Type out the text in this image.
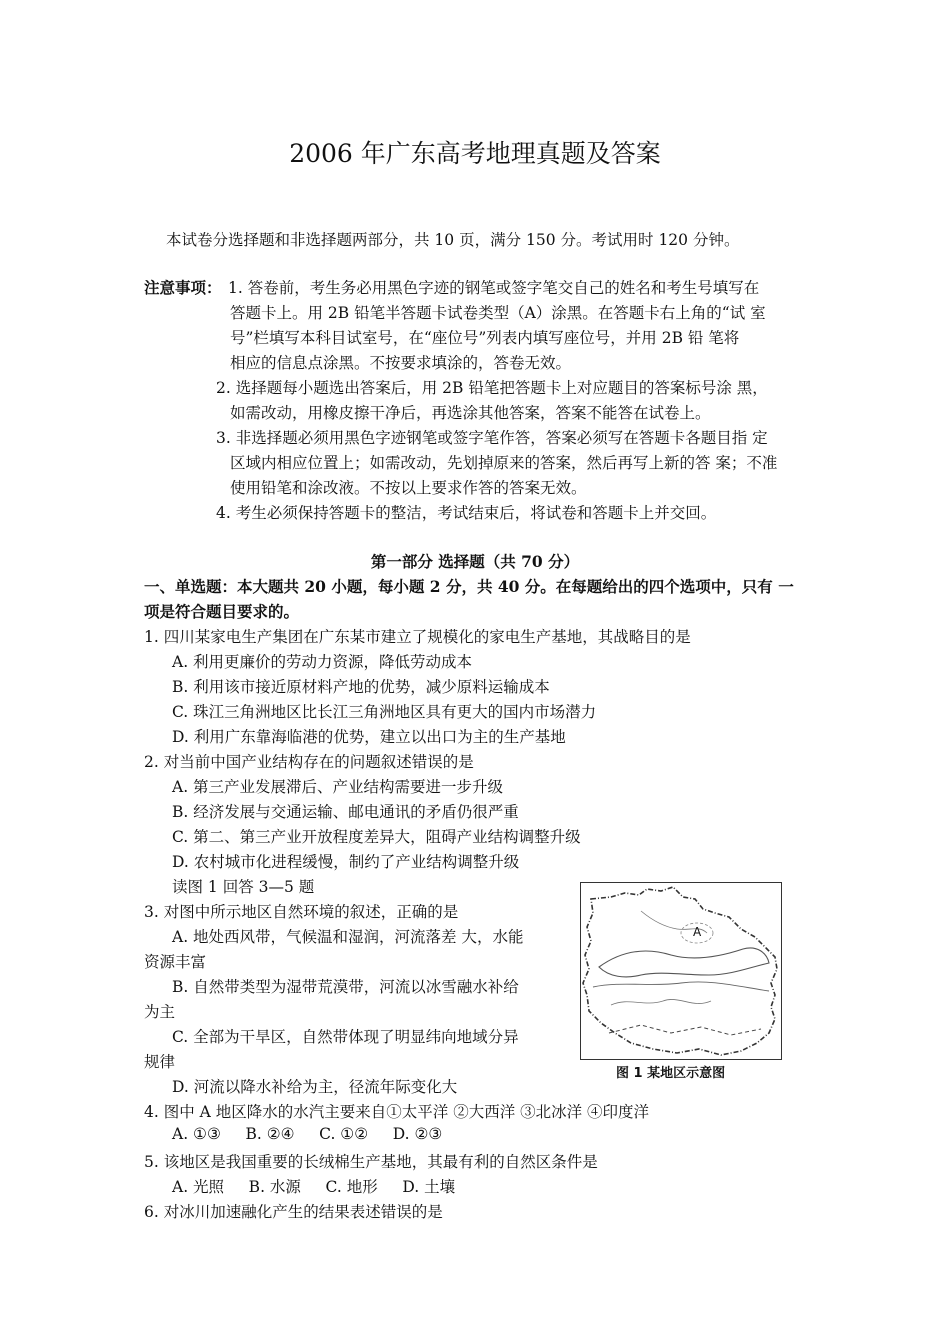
2006 年广东高考地理真题及答案
本试卷分选择题和非选择题两部分，共 10 页，满分 150 分。考试用时 120 分钟。
注意事项： 1. 答卷前，考生务必用黑色字迹的钢笔或签字笔交自己的姓名和考生号填写在
答题卡上。用 2B 铅笔半答题卡试卷类型（A）涂黑。在答题卡右上角的“试 室
号”栏填写本科目试室号，在“座位号”列表内填写座位号，并用 2B 铅 笔将
相应的信息点涂黑。不按要求填涂的，答卷无效。
2. 选择题每小题选出答案后，用 2B 铅笔把答题卡上对应题目的答案标号涂 黑，
如需改动，用橡皮擦干净后，再选涂其他答案，答案不能答在试卷上。
3. 非选择题必须用黑色字迹钢笔或签字笔作答，答案必须写在答题卡各题目指 定
区域内相应位置上；如需改动，先划掉原来的答案，然后再写上新的答 案；不准
使用铅笔和涂改液。不按以上要求作答的答案无效。
4. 考生必须保持答题卡的整洁，考试结束后，将试卷和答题卡上并交回。
第一部分 选择题（共 70 分）
一、单选题：本大题共 20 小题，每小题 2 分，共 40 分。在每题给出的四个选项中，只有 一
项是符合题目要求的。
1. 四川某家电生产集团在广东某市建立了规模化的家电生产基地，其战略目的是
A. 利用更廉价的劳动力资源，降低劳动成本
B. 利用该市接近原材料产地的优势，减少原料运输成本
C. 珠江三角洲地区比长江三角洲地区具有更大的国内市场潜力
D. 利用广东靠海临港的优势，建立以出口为主的生产基地
2. 对当前中国产业结构存在的问题叙述错误的是
A. 第三产业发展滞后、产业结构需要进一步升级
B. 经济发展与交通运输、邮电通讯的矛盾仍很严重
C. 第二、第三产业开放程度差异大，阻碍产业结构调整升级
D. 农村城市化进程缓慢，制约了产业结构调整升级
读图 1 回答 3—5 题
3. 对图中所示地区自然环境的叙述，正确的是
A. 地处西风带，气候温和湿润，河流落差 大，水能
资源丰富
B. 自然带类型为湿带荒漠带，河流以冰雪融水补给
为主
C. 全部为干旱区，自然带体现了明显纬向地域分异
规律
D. 河流以降水补给为主，径流年际变化大
4. 图中 A 地区降水的水汽主要来自①太平洋 ②大西洋 ③北冰洋 ④印度洋
A. ①③     B. ②④     C. ①②     D. ②③
5. 该地区是我国重要的长绒棉生产基地，其最有利的自然区条件是
A. 光照     B. 水源     C. 地形     D. 土壤
6. 对冰川加速融化产生的结果表述错误的是
A
图 1 某地区示意图
